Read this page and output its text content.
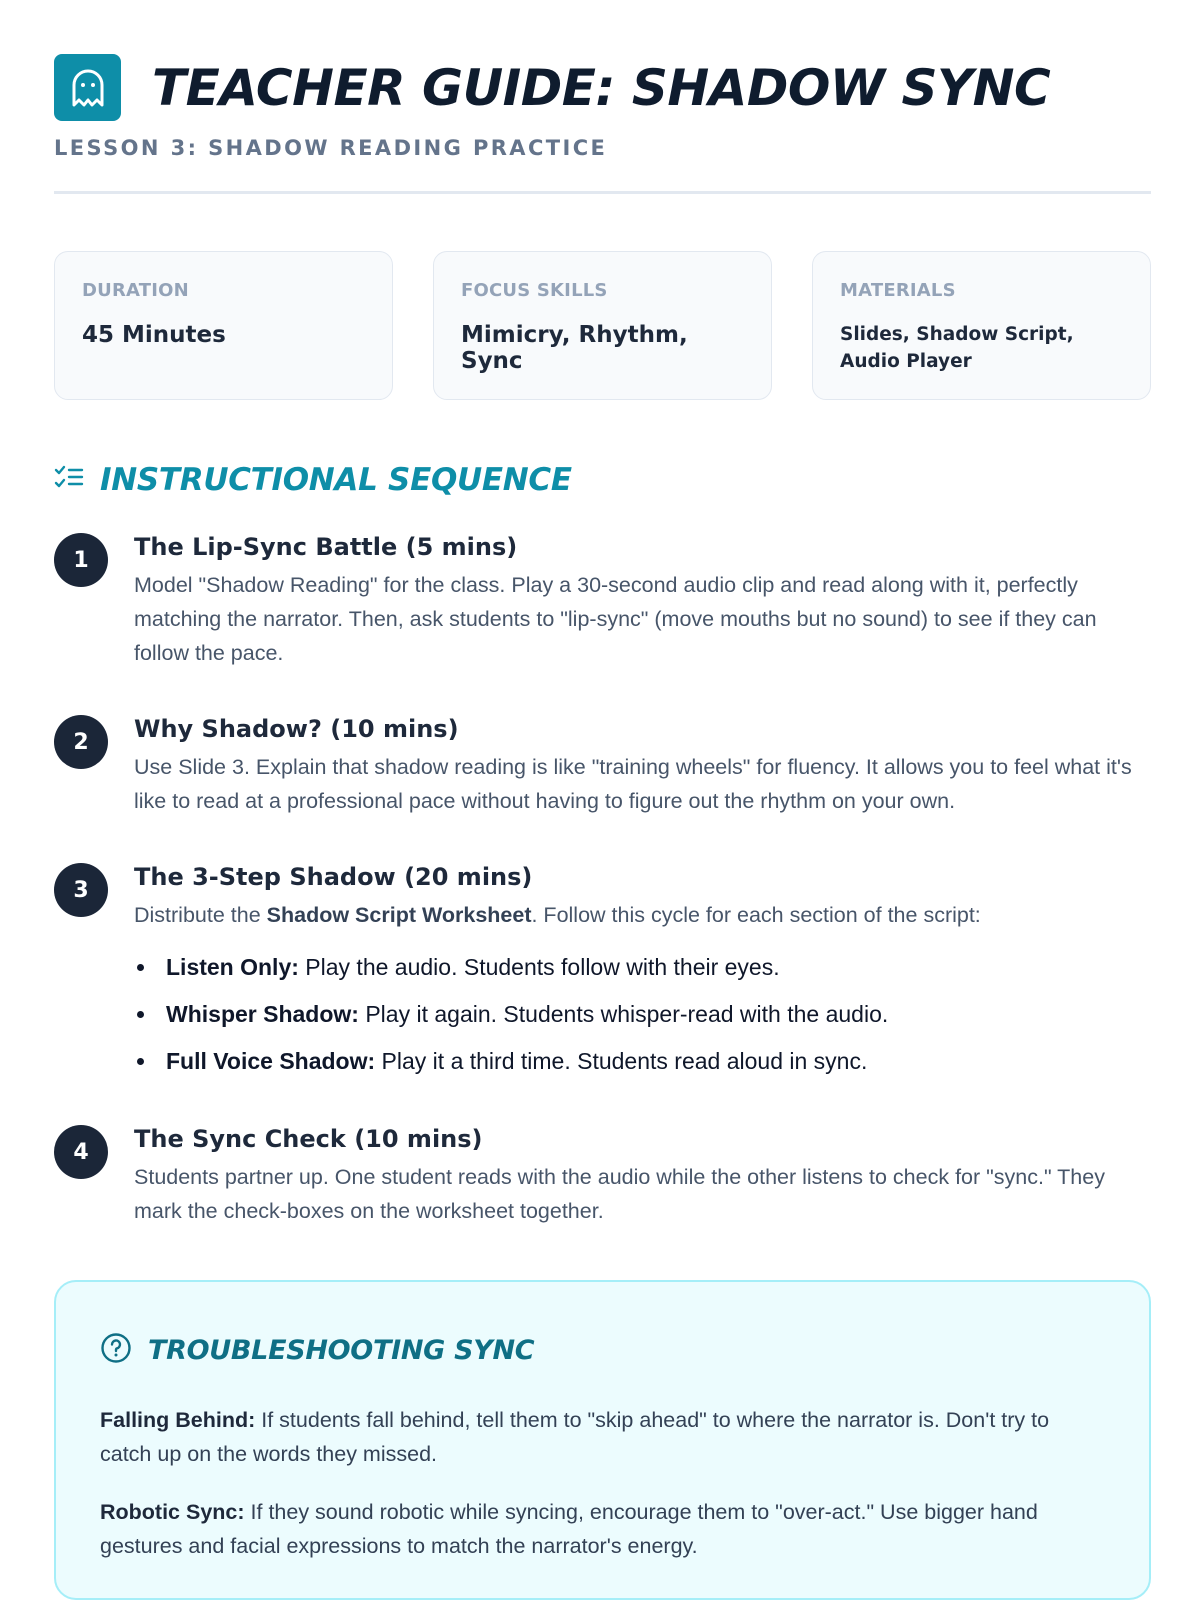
TEACHER GUIDE: SHADOW SYNC
LESSON 3: SHADOW READING PRACTICE
DURATION
45 Minutes
FOCUS SKILLS
Mimicry, Rhythm, Sync
MATERIALS
Slides, Shadow Script, Audio Player
INSTRUCTIONAL SEQUENCE
1	The Lip-Sync Battle (5 mins)

Model "Shadow Reading" for the class. Play a 30-second audio clip and read along with it, perfectly matching the narrator. Then, ask students to "lip-sync" (move mouths but no sound) to see if they can follow the pace.

2	Why Shadow? (10 mins)

Use Slide 3. Explain that shadow reading is like "training wheels" for fluency. It allows you to feel what it's like to read at a professional pace without having to figure out the rhythm on your own.

3	The 3-Step Shadow (20 mins)

Distribute the Shadow Script Worksheet. Follow this cycle for each section of the script:

Listen Only: Play the audio. Students follow with their eyes.
Whisper Shadow: Play it again. Students whisper-read with the audio.
Full Voice Shadow: Play it a third time. Students read aloud in sync.
4	The Sync Check (10 mins)

Students partner up. One student reads with the audio while the other listens to check for "sync." They mark the check-boxes on the worksheet together.

TROUBLESHOOTING SYNC

Falling Behind: If students fall behind, tell them to "skip ahead" to where the narrator is. Don't try to catch up on the words they missed.

Robotic Sync: If they sound robotic while syncing, encourage them to "over-act." Use bigger hand gestures and facial expressions to match the narrator's energy.
